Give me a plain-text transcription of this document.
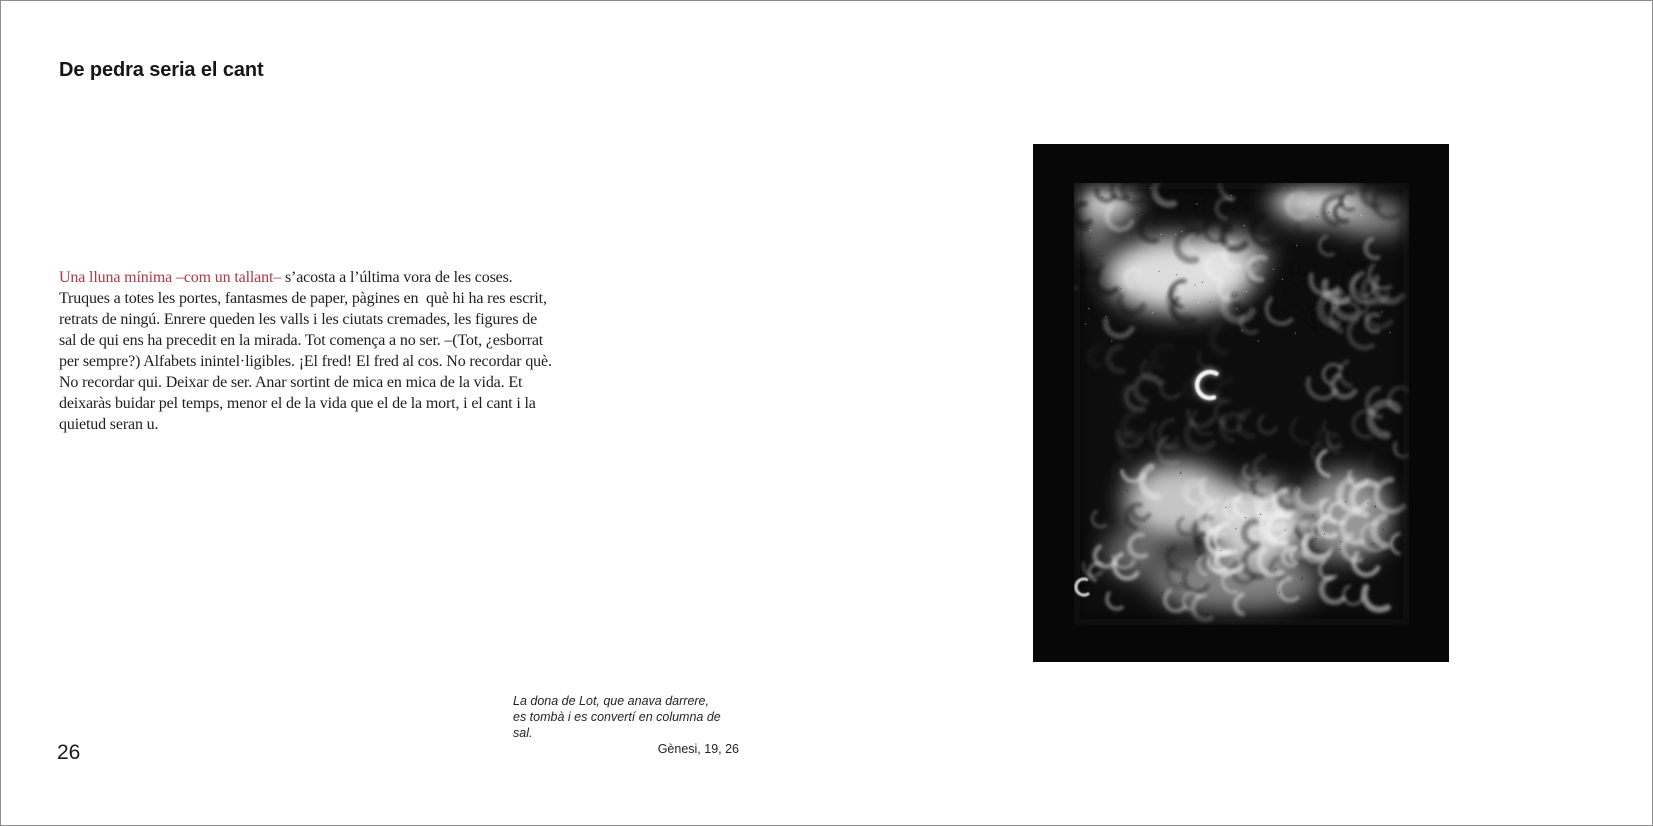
De pedra seria el cant
Una lluna mínima –com un tallant– s’acosta a l’última vora de les coses.
Truques a totes les portes, fantasmes de paper, pàgines en  què hi ha res escrit,
retrats de ningú. Enrere queden les valls i les ciutats cremades, les figures de
sal de qui ens ha precedit en la mirada. Tot comença a no ser. –(Tot, ¿esborrat
per sempre?) Alfabets inintel·ligibles. ¡El fred! El fred al cos. No recordar què.
No recordar qui. Deixar de ser. Anar sortint de mica en mica de la vida. Et
deixaràs buidar pel temps, menor el de la vida que el de la mort, i el cant i la
quietud seran u.
La dona de Lot, que anava darrere,
es tombà i es convertí en columna de sal.
Gènesi, 19, 26
26
